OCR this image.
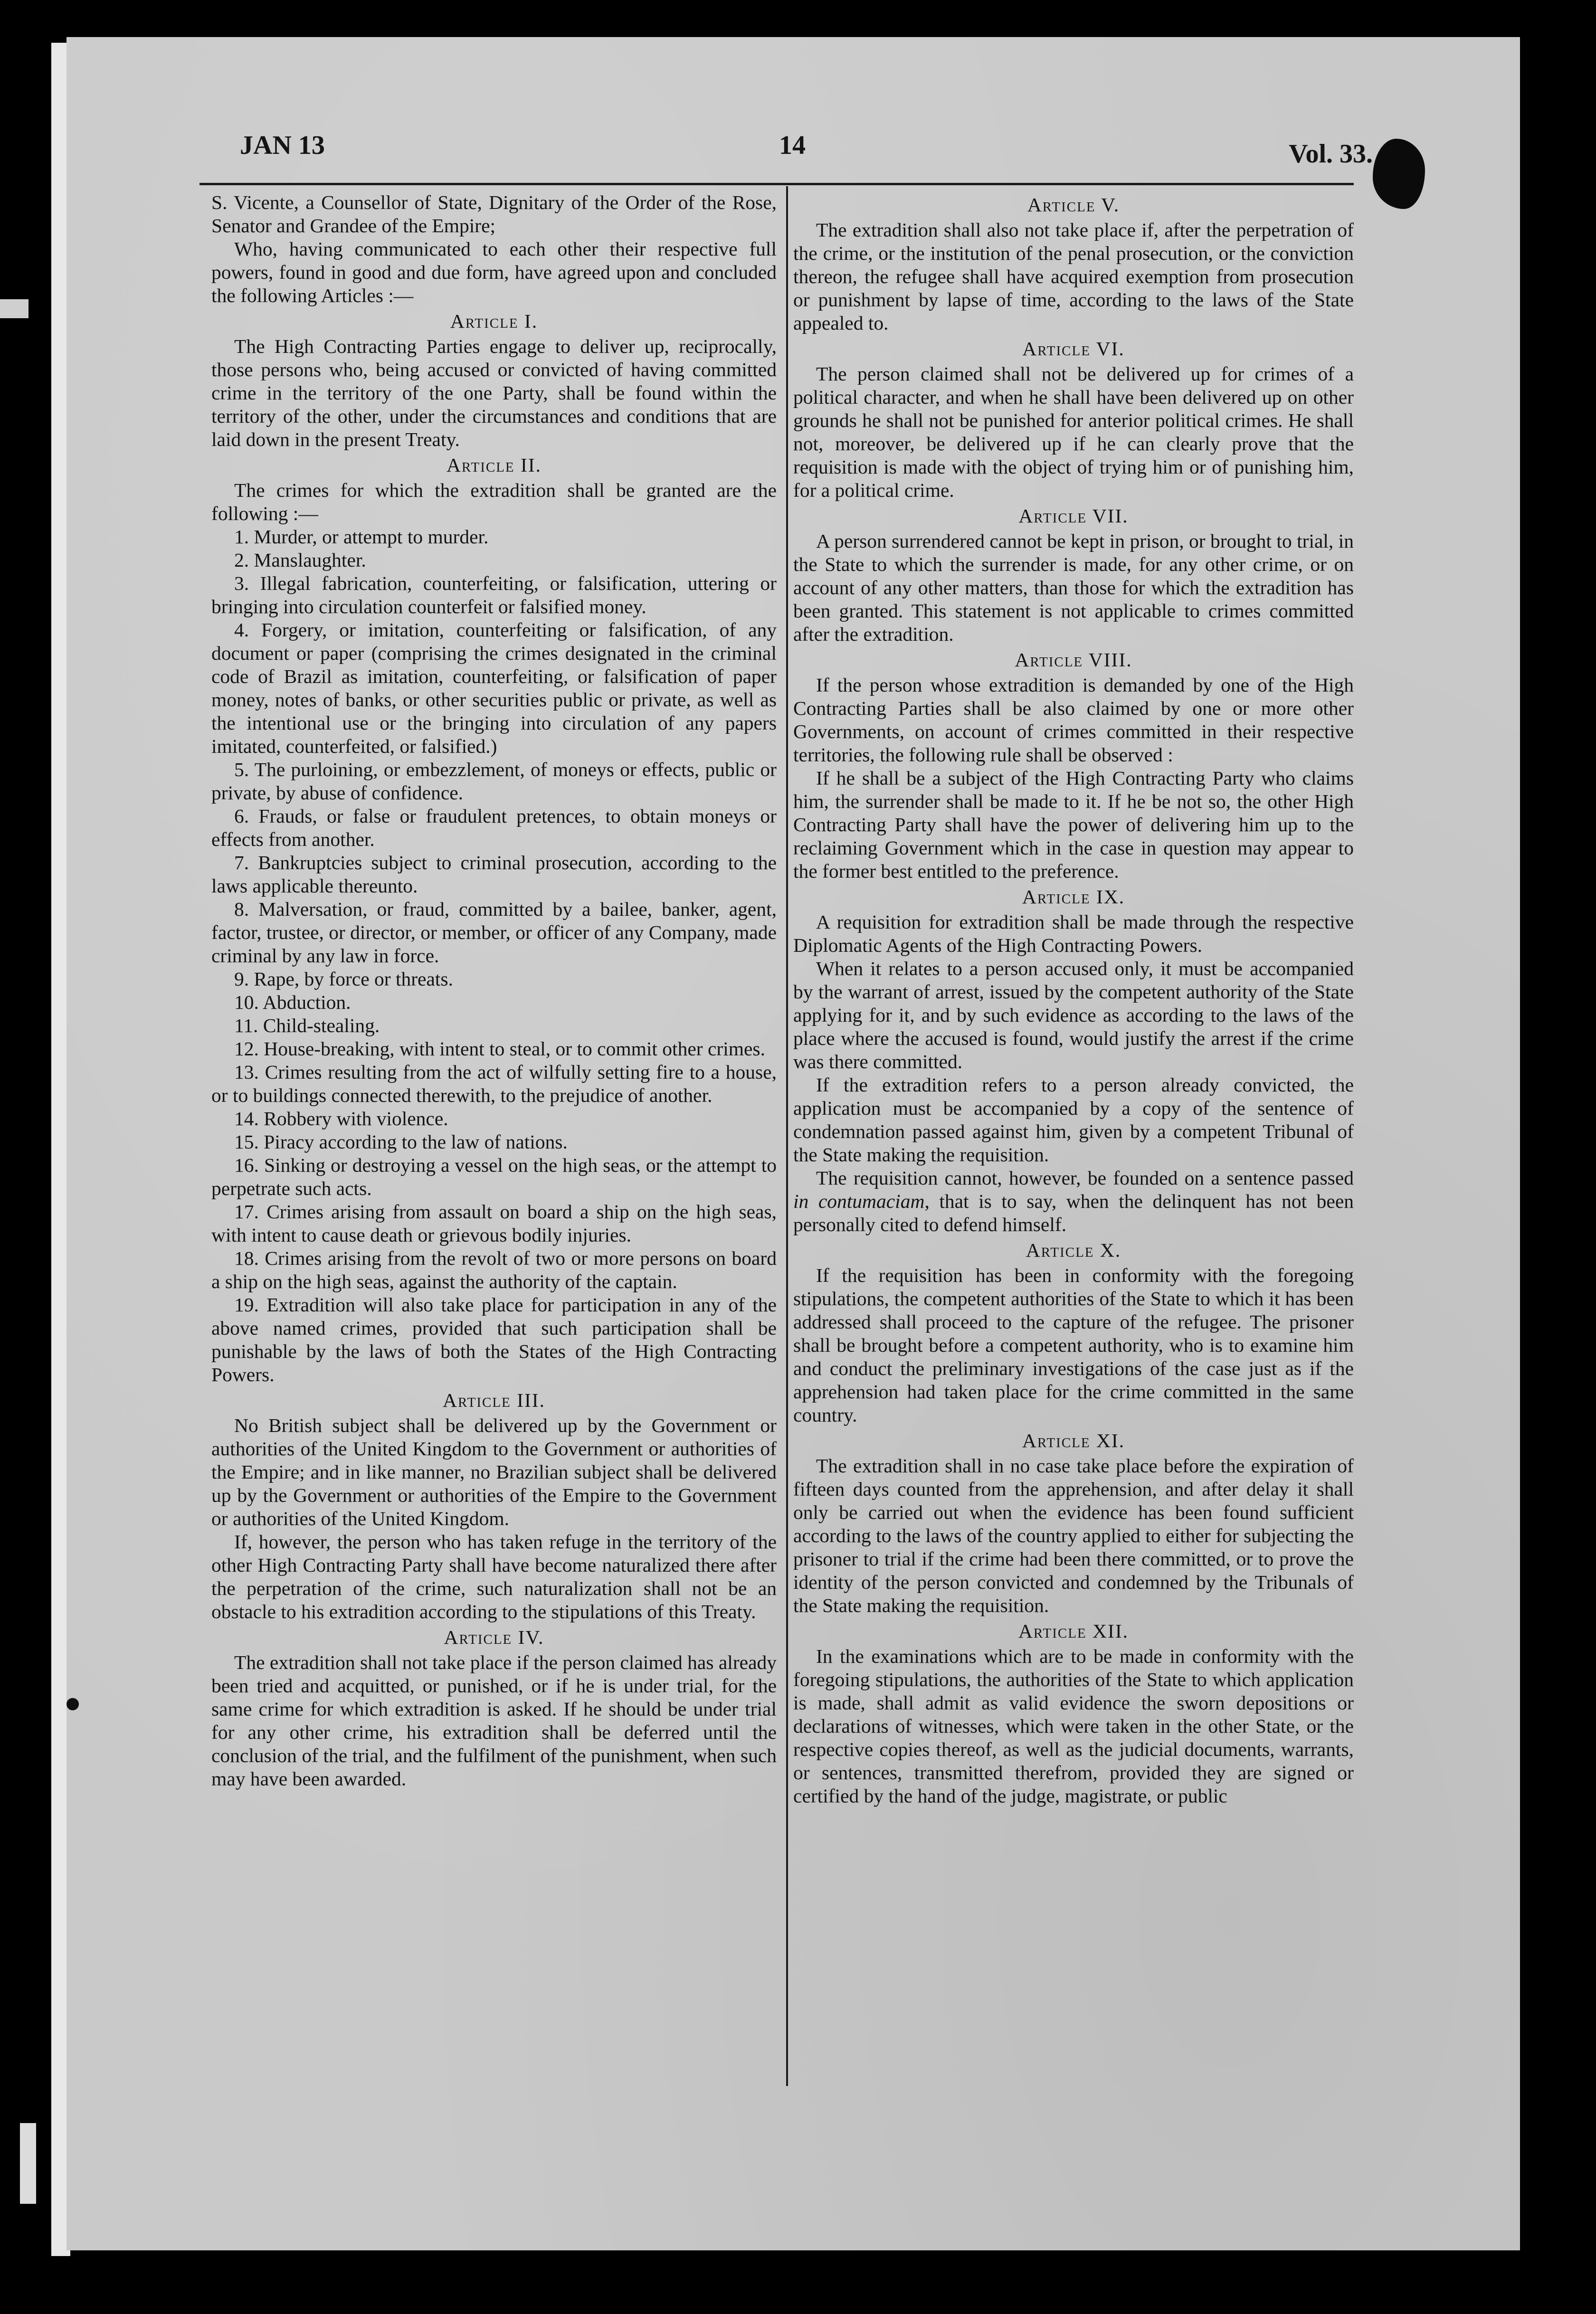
JAN 13	14	Vol. 33.

S. Vicente, a Counsellor of State, Dignitary of the Order of the Rose, Senator and Grandee of the Empire;

Who, having communicated to each other their respective full powers, found in good and due form, have agreed upon and concluded the following Articles :—

Article I.

The High Contracting Parties engage to deliver up, reciprocally, those persons who, being accused or convicted of having committed crime in the territory of the one Party, shall be found within the territory of the other, under the circumstances and conditions that are laid down in the present Treaty.

Article II.

The crimes for which the extradition shall be granted are the following :—

1. Murder, or attempt to murder.

2. Manslaughter.

3. Illegal fabrication, counterfeiting, or falsification, uttering or bringing into circulation counterfeit or falsified money.

4. Forgery, or imitation, counterfeiting or falsification, of any document or paper (comprising the crimes designated in the criminal code of Brazil as imitation, counterfeiting, or falsification of paper money, notes of banks, or other securities public or private, as well as the intentional use or the bringing into circulation of any papers imitated, counterfeited, or falsified.)

5. The purloining, or embezzlement, of moneys or effects, public or private, by abuse of confidence.

6. Frauds, or false or fraudulent pretences, to obtain moneys or effects from another.

7. Bankruptcies subject to criminal prosecution, according to the laws applicable thereunto.

8. Malversation, or fraud, committed by a bailee, banker, agent, factor, trustee, or director, or member, or officer of any Company, made criminal by any law in force.

9. Rape, by force or threats.

10. Abduction.

11. Child-stealing.

12. House-breaking, with intent to steal, or to commit other crimes.

13. Crimes resulting from the act of wilfully setting fire to a house, or to buildings connected therewith, to the prejudice of another.

14. Robbery with violence.

15. Piracy according to the law of nations.

16. Sinking or destroying a vessel on the high seas, or the attempt to perpetrate such acts.

17. Crimes arising from assault on board a ship on the high seas, with intent to cause death or grievous bodily injuries.

18. Crimes arising from the revolt of two or more persons on board a ship on the high seas, against the authority of the captain.

19. Extradition will also take place for participation in any of the above named crimes, provided that such participation shall be punishable by the laws of both the States of the High Contracting Powers.

Article III.

No British subject shall be delivered up by the Government or authorities of the United Kingdom to the Government or authorities of the Empire; and in like manner, no Brazilian subject shall be delivered up by the Government or authorities of the Empire to the Government or authorities of the United Kingdom.

If, however, the person who has taken refuge in the territory of the other High Contracting Party shall have become naturalized there after the perpetration of the crime, such naturalization shall not be an obstacle to his extradition according to the stipulations of this Treaty.

Article IV.

The extradition shall not take place if the person claimed has already been tried and acquitted, or punished, or if he is under trial, for the same crime for which extradition is asked. If he should be under trial for any other crime, his extradition shall be deferred until the conclusion of the trial, and the fulfilment of the punishment, when such may have been awarded.

Article V.

The extradition shall also not take place if, after the perpetration of the crime, or the institution of the penal prosecution, or the conviction thereon, the refugee shall have acquired exemption from prosecution or punishment by lapse of time, according to the laws of the State appealed to.

Article VI.

The person claimed shall not be delivered up for crimes of a political character, and when he shall have been delivered up on other grounds he shall not be punished for anterior political crimes. He shall not, moreover, be delivered up if he can clearly prove that the requisition is made with the object of trying him or of punishing him, for a political crime.

Article VII.

A person surrendered cannot be kept in prison, or brought to trial, in the State to which the surrender is made, for any other crime, or on account of any other matters, than those for which the extradition has been granted. This statement is not applicable to crimes committed after the extradition.

Article VIII.

If the person whose extradition is demanded by one of the High Contracting Parties shall be also claimed by one or more other Governments, on account of crimes committed in their respective territories, the following rule shall be observed :

If he shall be a subject of the High Contracting Party who claims him, the surrender shall be made to it. If he be not so, the other High Contracting Party shall have the power of delivering him up to the reclaiming Government which in the case in question may appear to the former best entitled to the preference.

Article IX.

A requisition for extradition shall be made through the respective Diplomatic Agents of the High Contracting Powers.

When it relates to a person accused only, it must be accompanied by the warrant of arrest, issued by the competent authority of the State applying for it, and by such evidence as according to the laws of the place where the accused is found, would justify the arrest if the crime was there committed.

If the extradition refers to a person already convicted, the application must be accompanied by a copy of the sentence of condemnation passed against him, given by a competent Tribunal of the State making the requisition.

The requisition cannot, however, be founded on a sentence passed in contumaciam, that is to say, when the delinquent has not been personally cited to defend himself.

Article X.

If the requisition has been in conformity with the foregoing stipulations, the competent authorities of the State to which it has been addressed shall proceed to the capture of the refugee. The prisoner shall be brought before a competent authority, who is to examine him and conduct the preliminary investigations of the case just as if the apprehension had taken place for the crime committed in the same country.

Article XI.

The extradition shall in no case take place before the expiration of fifteen days counted from the apprehension, and after delay it shall only be carried out when the evidence has been found sufficient according to the laws of the country applied to either for subjecting the prisoner to trial if the crime had been there committed, or to prove the identity of the person convicted and condemned by the Tribunals of the State making the requisition.

Article XII.

In the examinations which are to be made in conformity with the foregoing stipulations, the authorities of the State to which application is made, shall admit as valid evidence the sworn depositions or declarations of witnesses, which were taken in the other State, or the respective copies thereof, as well as the judicial documents, warrants, or sentences, transmitted therefrom, provided they are signed or certified by the hand of the judge, magistrate, or public
